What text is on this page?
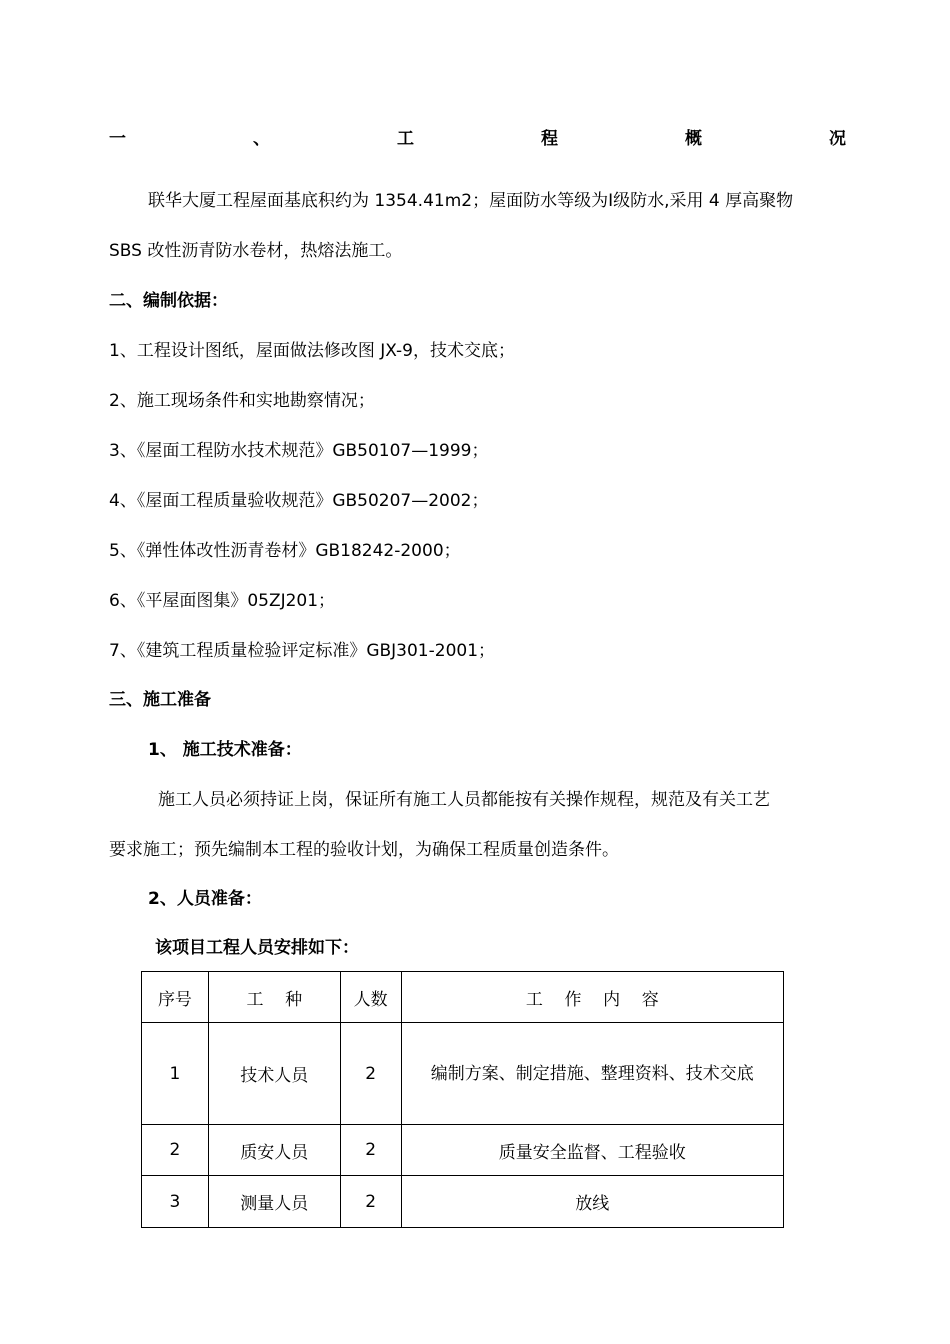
一	、	工	程	概	况
联华大厦工程屋面基底积约为 1354.41m2；屋面防水等级为Ⅰ级防水,采用 4 厚高聚物
SBS 改性沥青防水卷材，热熔法施工。
二、编制依据：
1、工程设计图纸，屋面做法修改图 JX-9，技术交底；
2、施工现场条件和实地勘察情况；
3、《屋面工程防水技术规范》GB50107—1999；
4、《屋面工程质量验收规范》GB50207—2002；
5、《弹性体改性沥青卷材》GB18242-2000；
6、《平屋面图集》05ZJ201；
7、《建筑工程质量检验评定标准》GBJ301-2001；
三、施工准备
1、 施工技术准备：
施工人员必须持证上岗，保证所有施工人员都能按有关操作规程，规范及有关工艺
要求施工；预先编制本工程的验收计划，为确保工程质量创造条件。
2、人员准备：
该项目工程人员安排如下：
序号	工    种	人数	工    作    内    容
1	技术人员	2	编制方案、制定措施、整理资料、技术交底
2	质安人员	2	质量安全监督、工程验收
3	测量人员	2	放线
